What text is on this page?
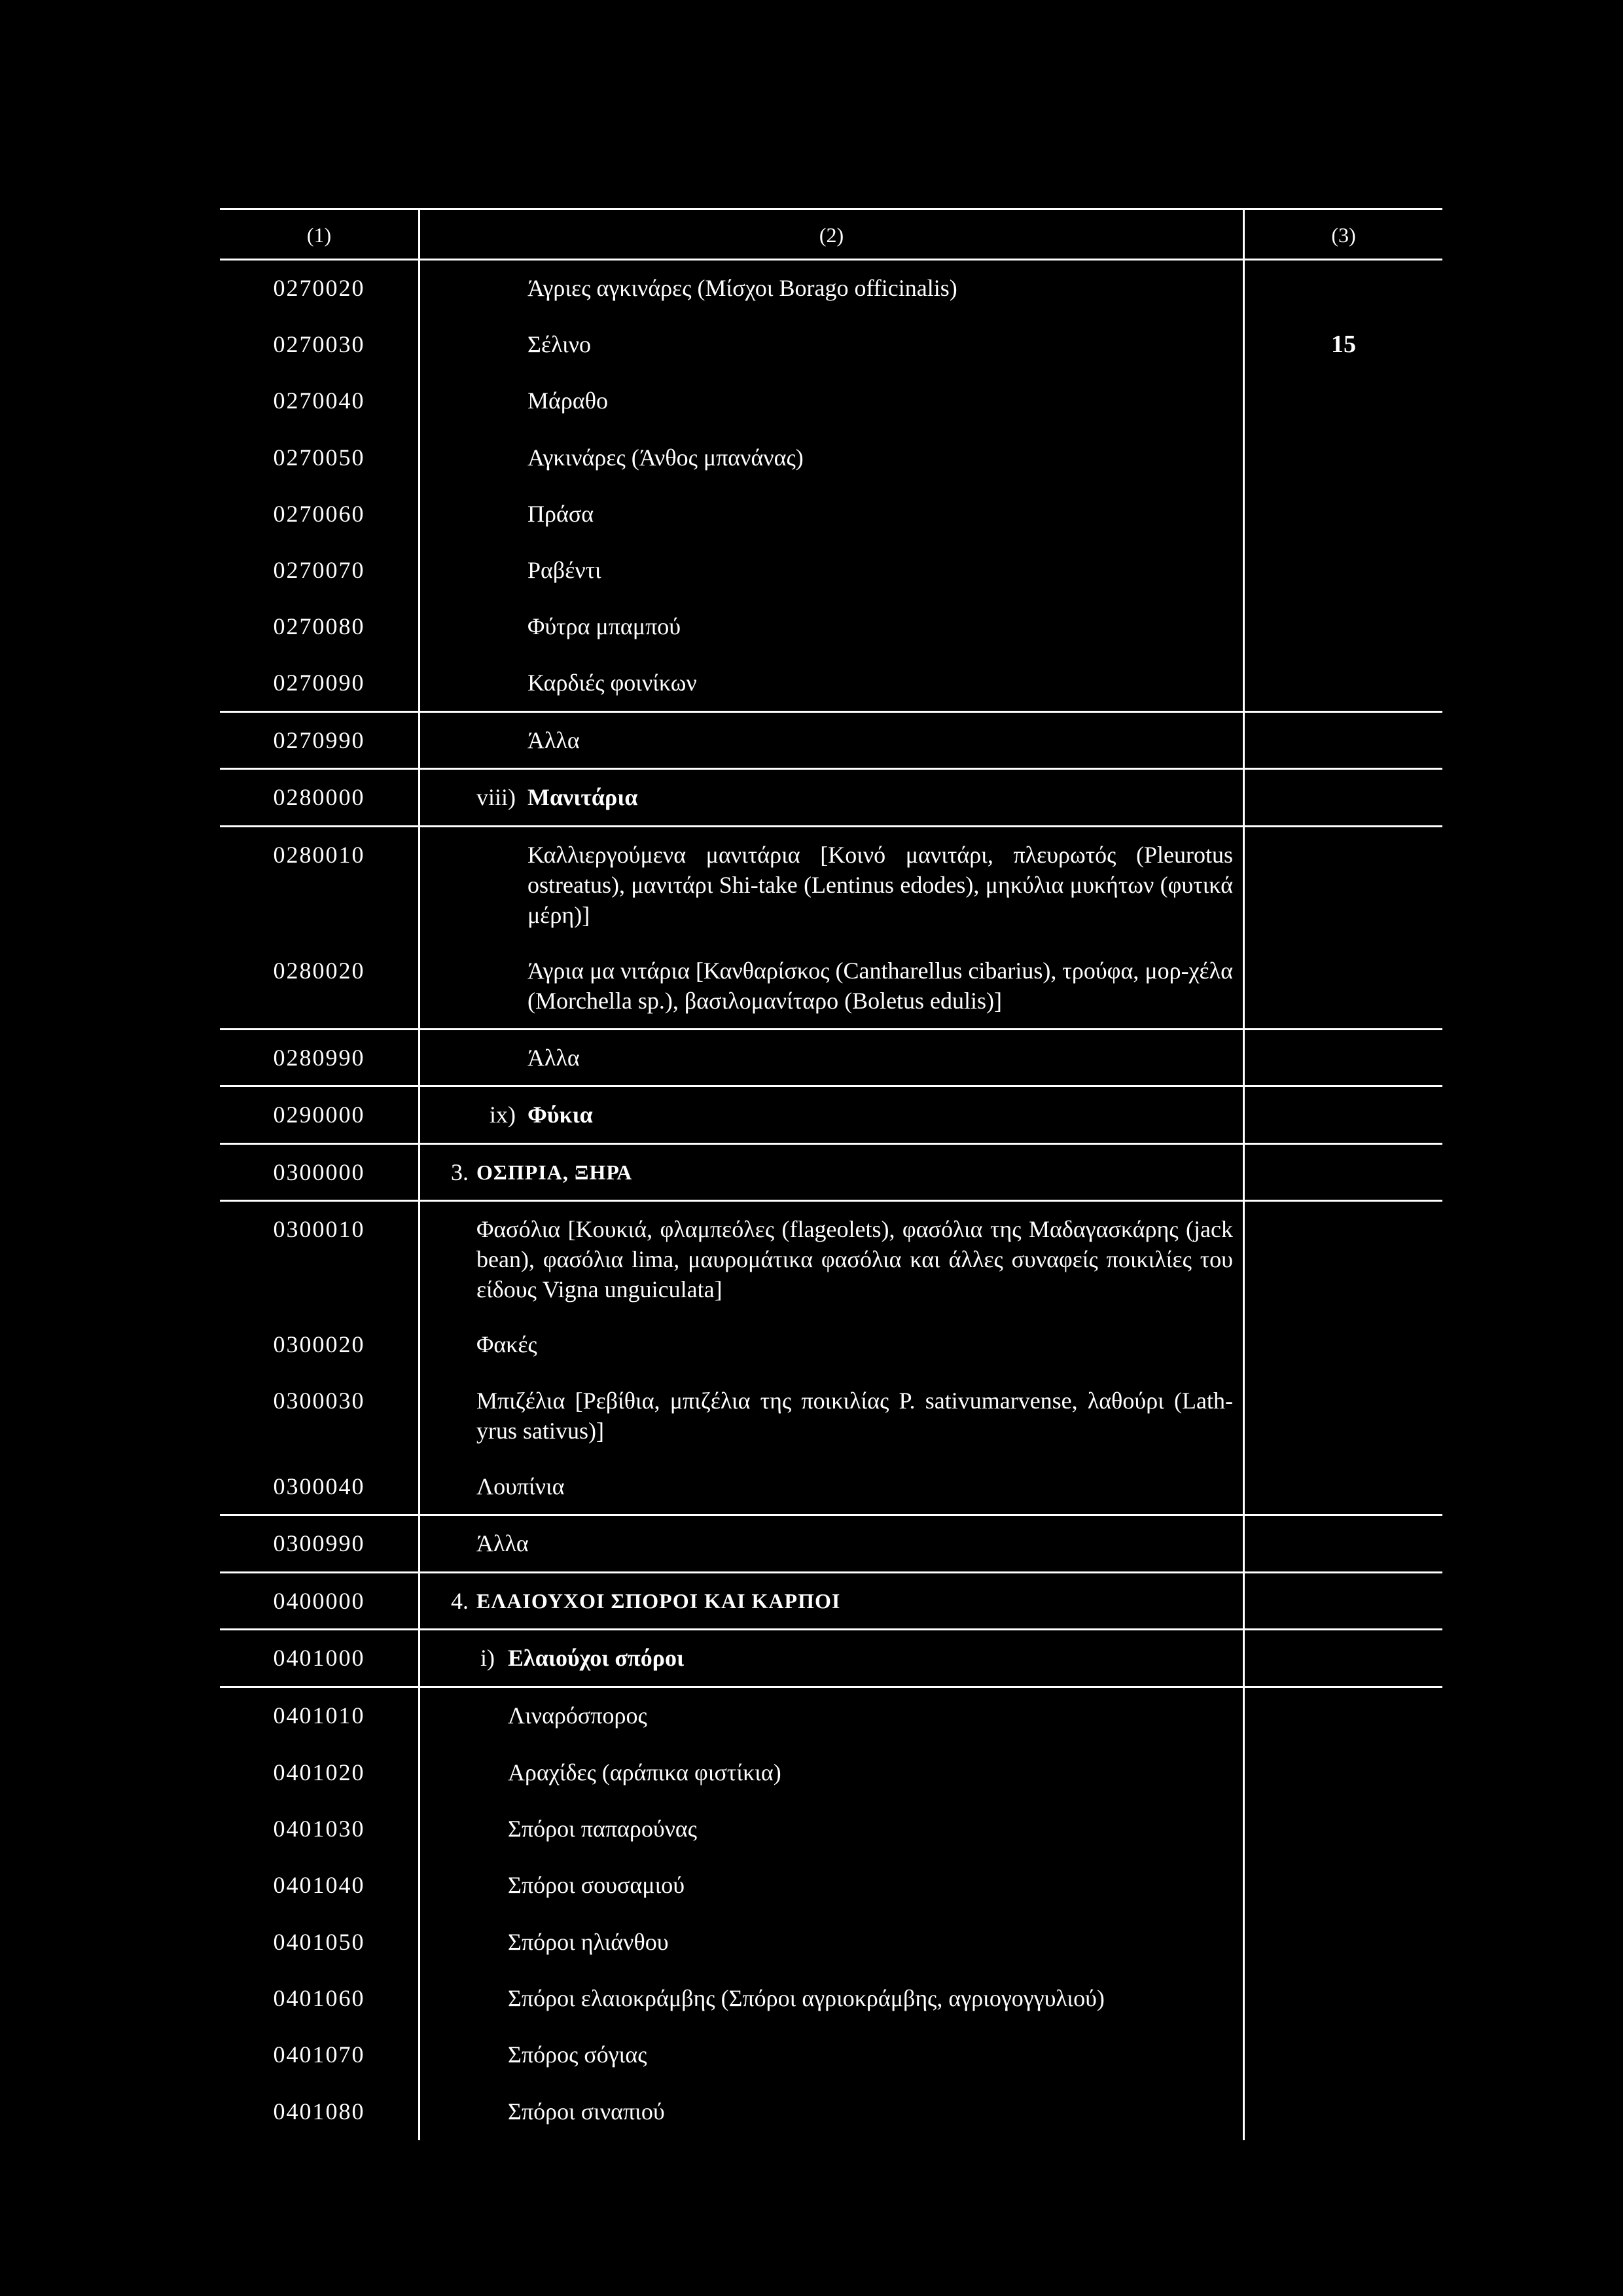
(1)	(2)	(3)
0270020	Άγριες αγκινάρες (Μίσχοι Borago officinalis)
0270030	Σέλινο	15
0270040	Μάραθο
0270050	Αγκινάρες (Άνθος μπανάνας)
0270060	Πράσα
0270070	Ραβέντι
0270080	Φύτρα μπαμπού
0270090	Καρδιές φοινίκων
0270990	Άλλα
0280000	viii) Μανιτάρια
0280010	Καλλιεργούμενα μανιτάρια [Κοινό μανιτάρι, πλευρωτός (Pleurotus ostreatus), μανιτάρι Shi-take (Lentinus edodes), μηκύλια μυκήτων (φυτικά μέρη)]
0280020	Άγρια μα νιτάρια [Κανθαρίσκος (Cantharellus cibarius), τρούφα, μορ-χέλα (Morchella sp.), βασιλομανίταρο (Boletus edulis)]
0280990	Άλλα
0290000	ix) Φύκια
0300000	3. ΟΣΠΡΙΑ, ΞΗΡΑ
0300010	Φασόλια [Κουκιά, φλαμπεόλες (flageolets), φασόλια της Μαδαγασκάρης (jack bean), φασόλια lima, μαυρομάτικα φασόλια και άλλες συναφείς ποικιλίες του είδους Vigna unguiculata]
0300020	Φακές
0300030	Μπιζέλια [Ρεβίθια, μπιζέλια της ποικιλίας P. sativumarvense, λαθούρι (Lath-yrus sativus)]
0300040	Λουπίνια
0300990	Άλλα
0400000	4. ΕΛΑΙΟΥΧΟΙ ΣΠΟΡΟΙ ΚΑΙ ΚΑΡΠΟΙ
0401000	i) Ελαιούχοι σπόροι
0401010	Λιναρόσπορος
0401020	Αραχίδες (αράπικα φιστίκια)
0401030	Σπόροι παπαρούνας
0401040	Σπόροι σουσαμιού
0401050	Σπόροι ηλιάνθου
0401060	Σπόροι ελαιοκράμβης (Σπόροι αγριοκράμβης, αγριογογγυλιού)
0401070	Σπόρος σόγιας
0401080	Σπόροι σιναπιού
